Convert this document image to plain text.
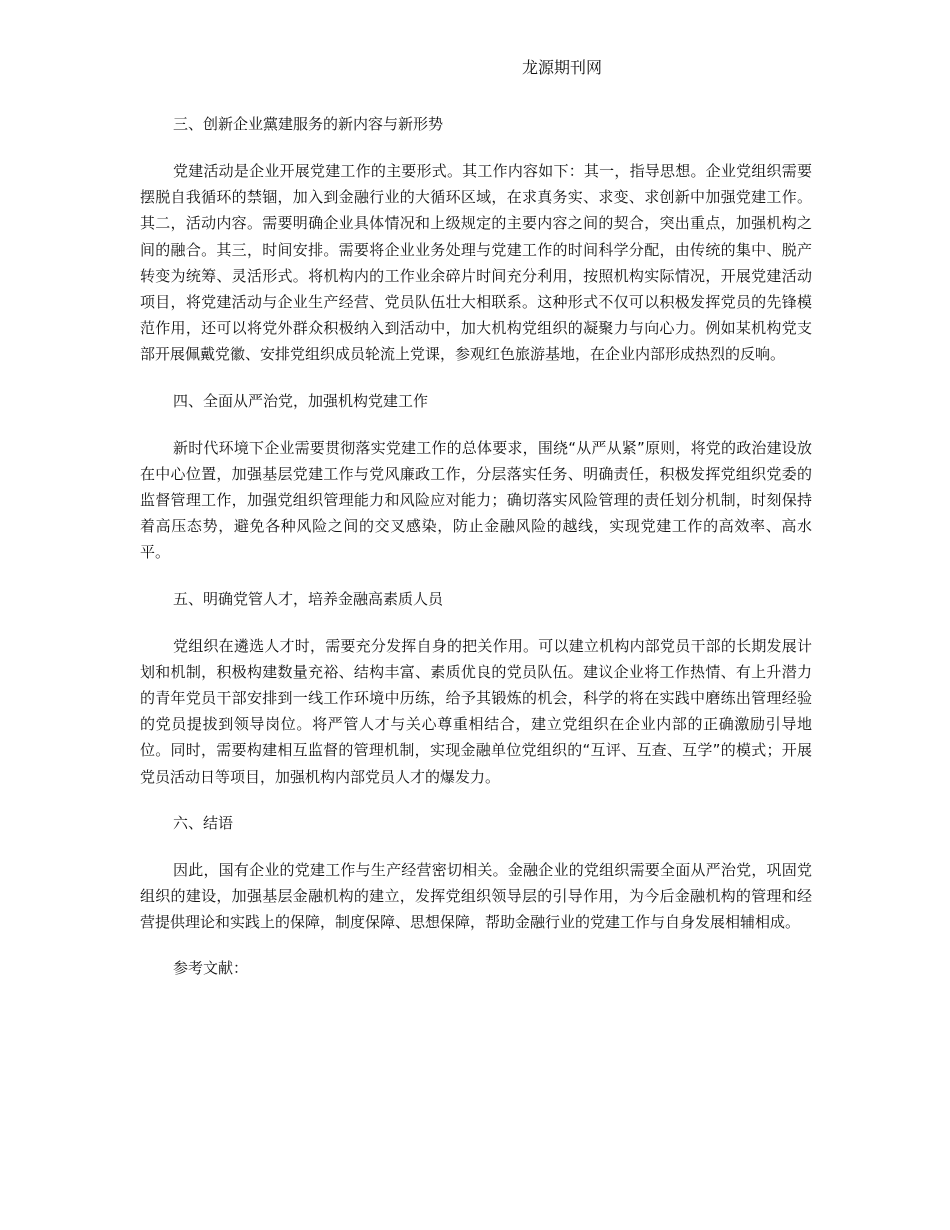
龙源期刊网
三、创新企业黨建服务的新内容与新形势

党建活动是企业开展党建工作的主要形式。其工作内容如下：其一，指导思想。企业党组织需要摆脱自我循环的禁锢，加入到金融行业的大循环区域，在求真务实、求变、求创新中加强党建工作。其二，活动内容。需要明确企业具体情况和上级规定的主要内容之间的契合，突出重点，加强机构之间的融合。其三，时间安排。需要将企业业务处理与党建工作的时间科学分配，由传统的集中、脱产转变为统筹、灵活形式。将机构内的工作业余碎片时间充分利用，按照机构实际情况，开展党建活动项目，将党建活动与企业生产经营、党员队伍壮大相联系。这种形式不仅可以积极发挥党员的先锋模范作用，还可以将党外群众积极纳入到活动中，加大机构党组织的凝聚力与向心力。例如某机构党支部开展佩戴党徽、安排党组织成员轮流上党课，参观红色旅游基地，在企业内部形成热烈的反响。

四、全面从严治党，加强机构党建工作

新时代环境下企业需要贯彻落实党建工作的总体要求，围绕“从严从紧”原则，将党的政治建设放在中心位置，加强基层党建工作与党风廉政工作，分层落实任务、明确责任，积极发挥党组织党委的监督管理工作，加强党组织管理能力和风险应对能力；确切落实风险管理的责任划分机制，时刻保持着高压态势，避免各种风险之间的交叉感染，防止金融风险的越线，实现党建工作的高效率、高水平。

五、明确党管人才，培养金融高素质人员

党组织在遴选人才时，需要充分发挥自身的把关作用。可以建立机构内部党员干部的长期发展计划和机制，积极构建数量充裕、结构丰富、素质优良的党员队伍。建议企业将工作热情、有上升潜力的青年党员干部安排到一线工作环境中历练，给予其锻炼的机会，科学的将在实践中磨练出管理经验的党员提拔到领导岗位。将严管人才与关心尊重相结合，建立党组织在企业内部的正确激励引导地位。同时，需要构建相互监督的管理机制，实现金融单位党组织的“互评、互查、互学”的模式；开展党员活动日等项目，加强机构内部党员人才的爆发力。

六、结语

因此，国有企业的党建工作与生产经营密切相关。金融企业的党组织需要全面从严治党，巩固党组织的建设，加强基层金融机构的建立，发挥党组织领导层的引导作用，为今后金融机构的管理和经营提供理论和实践上的保障，制度保障、思想保障，帮助金融行业的党建工作与自身发展相辅相成。

参考文献：
